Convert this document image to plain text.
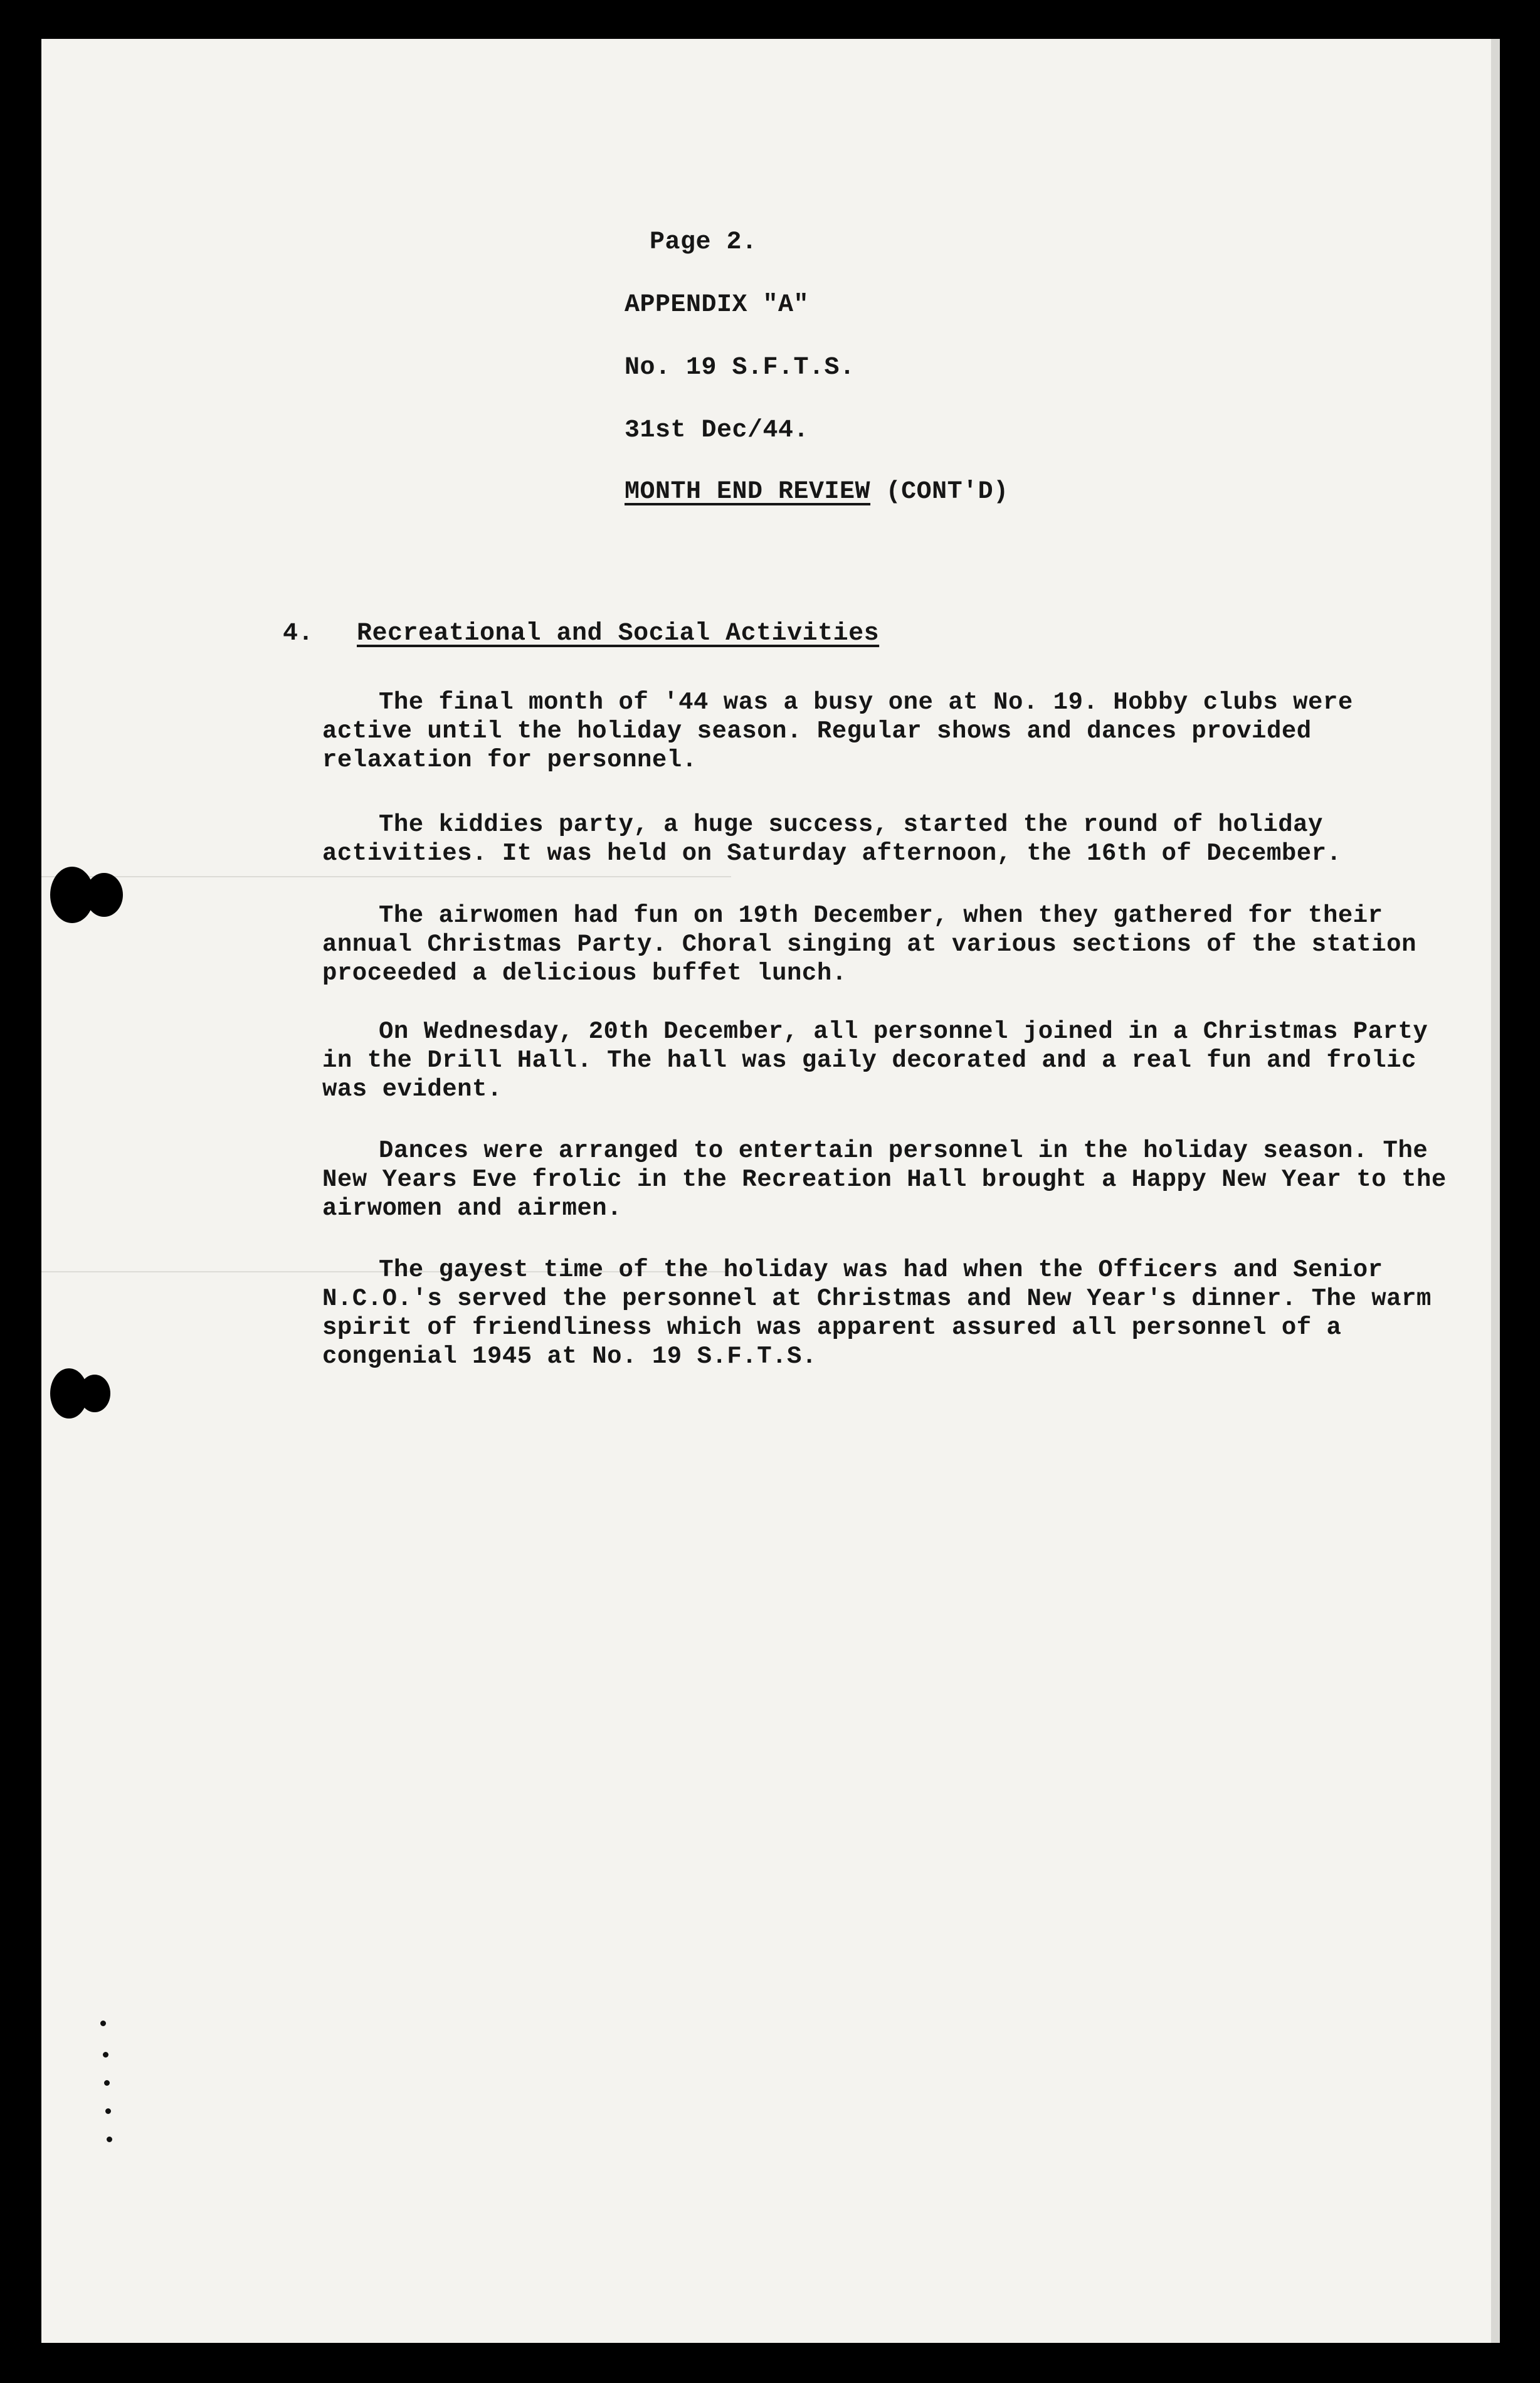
Page 2.
APPENDIX "A"
No. 19 S.F.T.S.
31st Dec/44.
MONTH END REVIEW (CONT'D)
4. Recreational and Social Activities

The final month of '44 was a busy one at No. 19. Hobby clubs were active until the holiday season. Regular shows and dances provided relaxation for personnel.

The kiddies party, a huge success, started the round of holiday activities. It was held on Saturday afternoon, the 16th of December.

The airwomen had fun on 19th December, when they gathered for their annual Christmas Party. Choral singing at various sections of the station proceeded a delicious buffet lunch.

On Wednesday, 20th December, all personnel joined in a Christmas Party in the Drill Hall. The hall was gaily decorated and a real fun and frolic was evident.

Dances were arranged to entertain personnel in the holiday season. The New Years Eve frolic in the Recreation Hall brought a Happy New Year to the airwomen and airmen.

The gayest time of the holiday was had when the Officers and Senior N.C.O.'s served the personnel at Christmas and New Year's dinner. The warm spirit of friendliness which was apparent assured all personnel of a congenial 1945 at No. 19 S.F.T.S.
